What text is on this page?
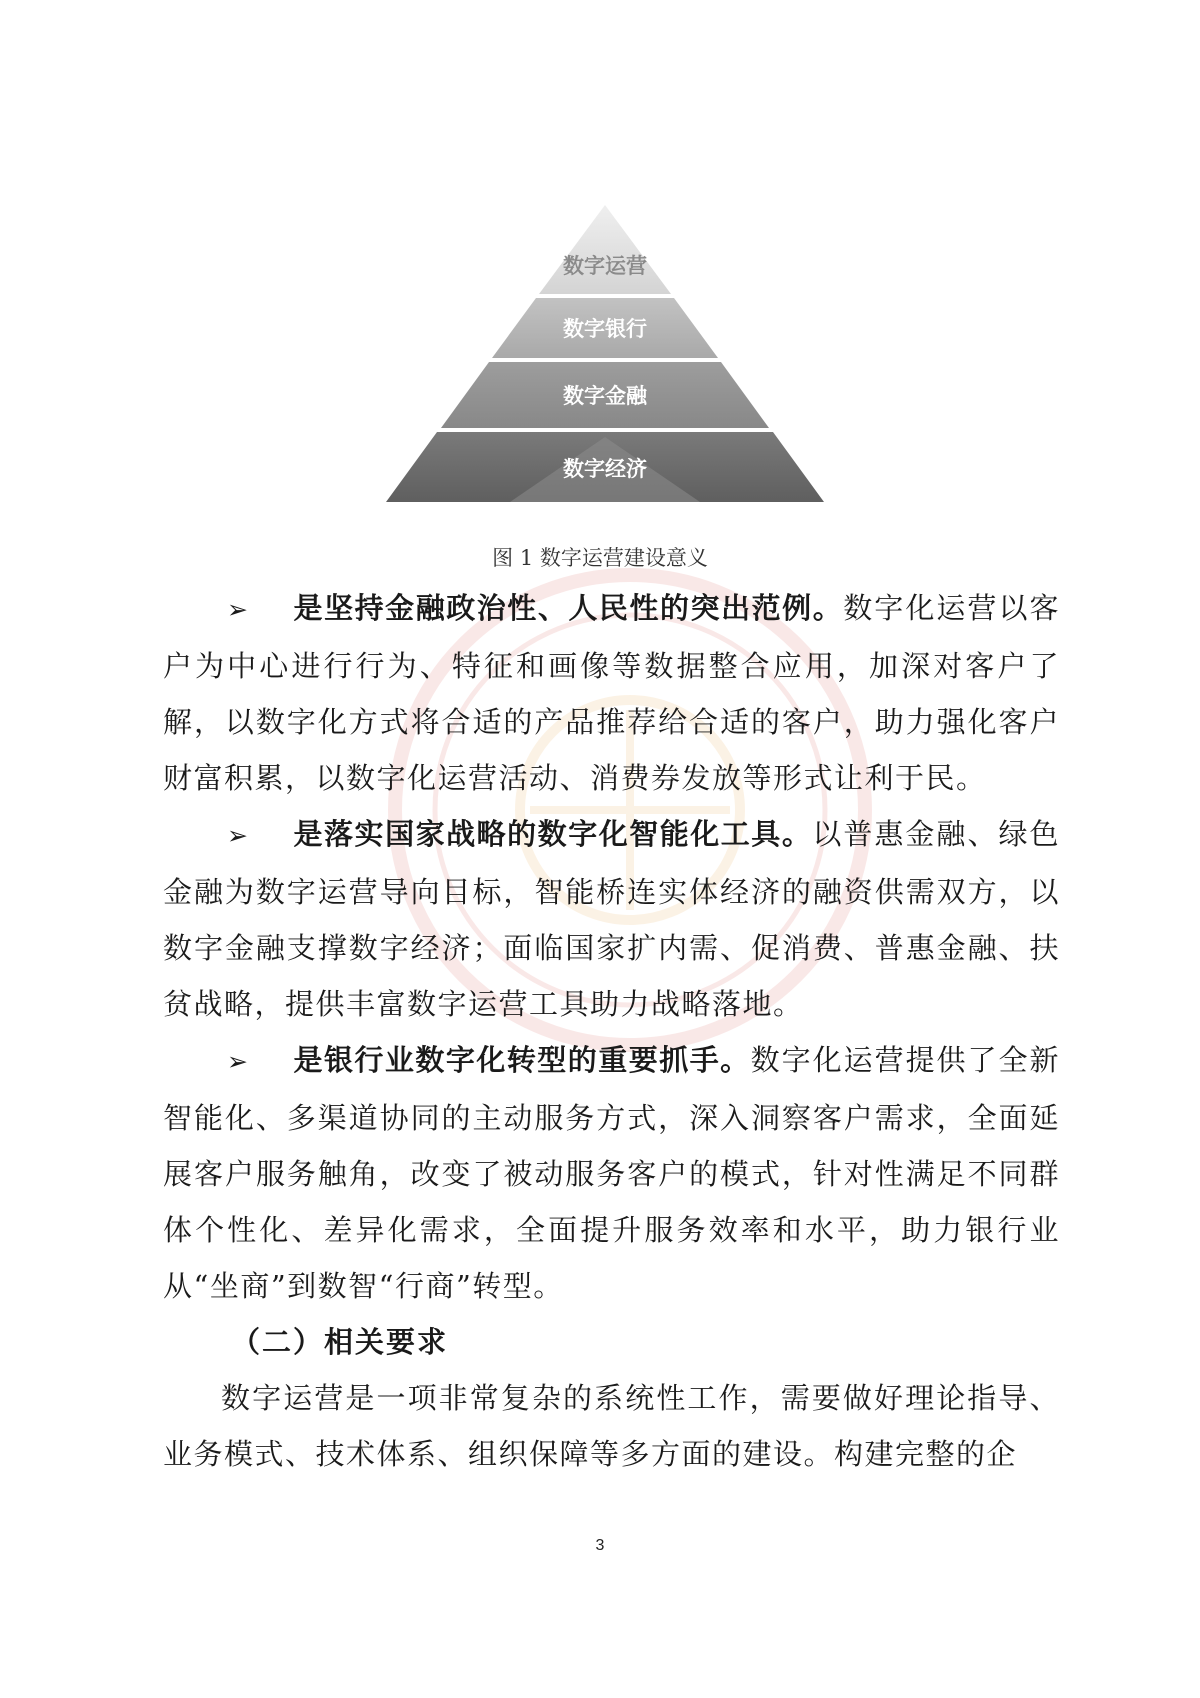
数字运营
数字银行
数字金融
数字经济
图 1 数字运营建设意义

➢ 是坚持金融政治性、人民性的突出范例。数字化运营以客户为中心进行行为、特征和画像等数据整合应用，加深对客户了解，以数字化方式将合适的产品推荐给合适的客户，助力强化客户财富积累，以数字化运营活动、消费券发放等形式让利于民。

➢ 是落实国家战略的数字化智能化工具。以普惠金融、绿色金融为数字运营导向目标，智能桥连实体经济的融资供需双方，以数字金融支撑数字经济；面临国家扩内需、促消费、普惠金融、扶贫战略，提供丰富数字运营工具助力战略落地。

➢ 是银行业数字化转型的重要抓手。数字化运营提供了全新智能化、多渠道协同的主动服务方式，深入洞察客户需求，全面延展客户服务触角，改变了被动服务客户的模式，针对性满足不同群体个性化、差异化需求，全面提升服务效率和水平，助力银行业从“坐商”到数智“行商”转型。

（二）相关要求

数字运营是一项非常复杂的系统性工作，需要做好理论指导、业务模式、技术体系、组织保障等多方面的建设。构建完整的企

3
